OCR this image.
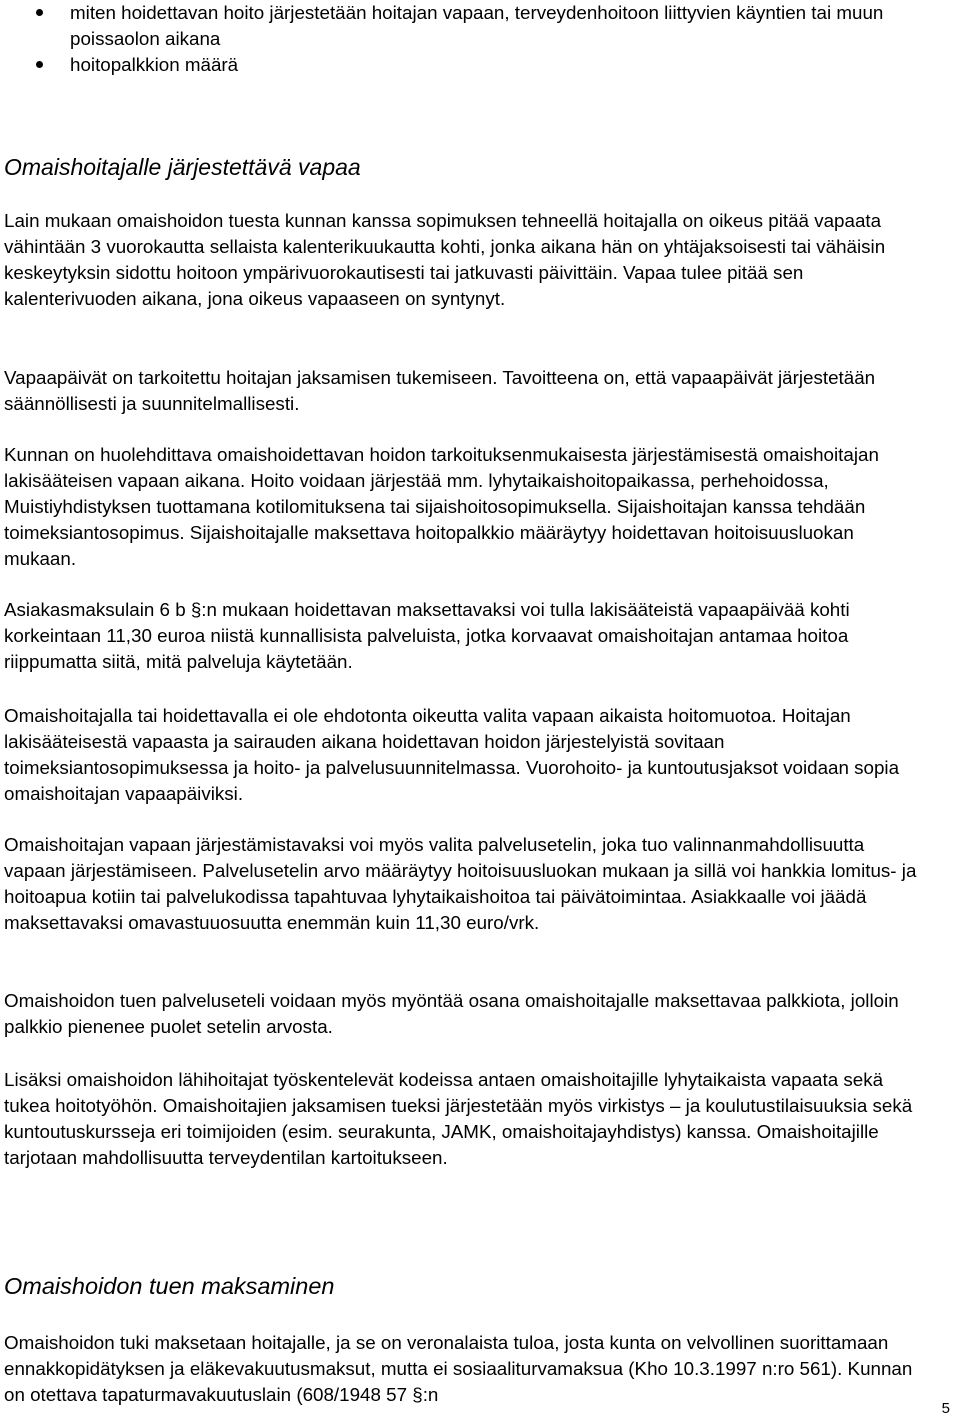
miten hoidettavan hoito järjestetään hoitajan vapaan, terveydenhoitoon liittyvien käyntien tai muun poissaolon aikana
hoitopalkkion määrä

Omaishoitajalle järjestettävä vapaa

Lain mukaan omaishoidon tuesta kunnan kanssa sopimuksen tehneellä hoitajalla on oikeus pitää vapaata vähintään 3 vuorokautta sellaista kalenterikuukautta kohti, jonka aikana hän on yhtäjaksoisesti tai vähäisin keskeytyksin sidottu hoitoon ympärivuorokautisesti tai jatkuvasti päivittäin. Vapaa tulee pitää sen kalenterivuoden aikana, jona oikeus vapaaseen on syntynyt.

Vapaapäivät on tarkoitettu hoitajan jaksamisen tukemiseen. Tavoitteena on, että vapaapäivät järjestetään säännöllisesti ja suunnitelmallisesti.

Kunnan on huolehdittava omaishoidettavan hoidon tarkoituksenmukaisesta järjestämisestä omaishoitajan lakisääteisen vapaan aikana. Hoito voidaan järjestää mm. lyhytaikaishoitopaikassa, perhehoidossa, Muistiyhdistyksen tuottamana kotilomituksena tai sijaishoitosopimuksella. Sijaishoitajan kanssa tehdään toimeksiantosopimus. Sijaishoitajalle maksettava hoitopalkkio määräytyy hoidettavan hoitoisuusluokan mukaan.

Asiakasmaksulain 6 b §:n mukaan hoidettavan maksettavaksi voi tulla lakisääteistä vapaapäivää kohti korkeintaan 11,30 euroa niistä kunnallisista palveluista, jotka korvaavat omaishoitajan antamaa hoitoa riippumatta siitä, mitä palveluja käytetään.

Omaishoitajalla tai hoidettavalla ei ole ehdotonta oikeutta valita vapaan aikaista hoitomuotoa. Hoitajan lakisääteisestä vapaasta ja sairauden aikana hoidettavan hoidon järjestelyistä sovitaan toimeksiantosopimuksessa ja hoito- ja palvelusuunnitelmassa. Vuorohoito- ja kuntoutusjaksot voidaan sopia omaishoitajan vapaapäiviksi.

Omaishoitajan vapaan järjestämistavaksi voi myös valita palvelusetelin, joka tuo valinnanmahdollisuutta vapaan järjestämiseen. Palvelusetelin arvo määräytyy hoitoisuusluokan mukaan ja sillä voi hankkia lomitus- ja hoitoapua kotiin tai palvelukodissa tapahtuvaa lyhytaikaishoitoa tai päivätoimintaa. Asiakkaalle voi jäädä maksettavaksi omavastuuosuutta enemmän kuin 11,30 euro/vrk.

Omaishoidon tuen palveluseteli voidaan myös myöntää osana omaishoitajalle maksettavaa palkkiota, jolloin palkkio pienenee puolet setelin arvosta.

Lisäksi omaishoidon lähihoitajat työskentelevät kodeissa antaen omaishoitajille lyhytaikaista vapaata sekä tukea hoitotyöhön. Omaishoitajien jaksamisen tueksi järjestetään myös virkistys – ja koulutustilaisuuksia sekä kuntoutuskursseja eri toimijoiden (esim. seurakunta, JAMK, omaishoitajayhdistys) kanssa. Omaishoitajille tarjotaan mahdollisuutta terveydentilan kartoitukseen.

Omaishoidon tuen maksaminen

Omaishoidon tuki maksetaan hoitajalle, ja se on veronalaista tuloa, josta kunta on velvollinen suorittamaan ennakkopidätyksen ja eläkevakuutusmaksut, mutta ei sosiaaliturvamaksua (Kho 10.3.1997 n:ro 561). Kunnan on otettava tapaturmavakuutuslain (608/1948 57 §:n

5
